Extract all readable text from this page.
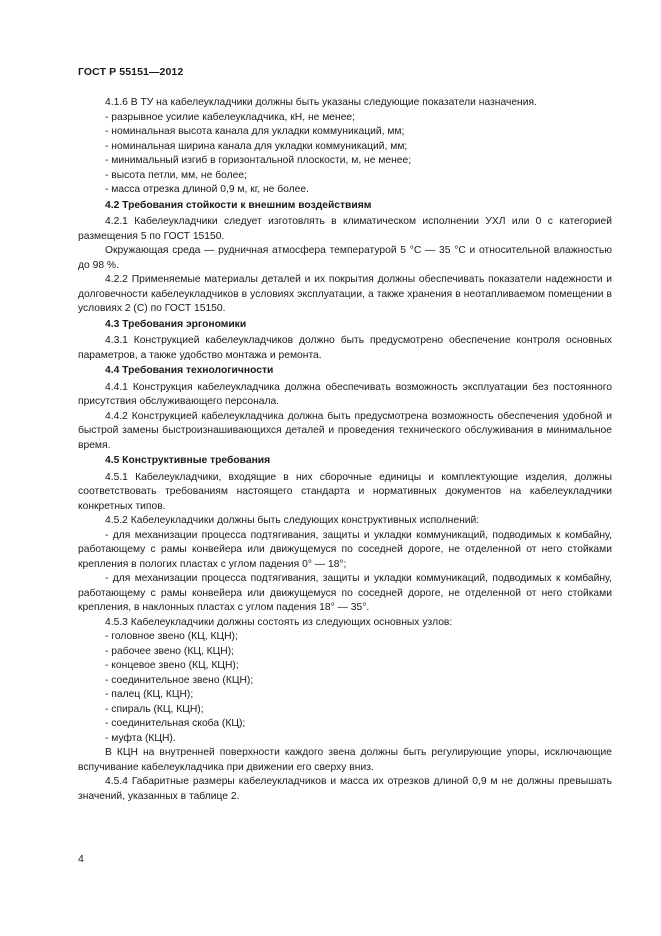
ГОСТ Р 55151—2012

4.1.6 В ТУ на кабелеукладчики должны быть указаны следующие показатели назначения.

- разрывное усилие кабелеукладчика, кН, не менее;

- номинальная высота канала для укладки коммуникаций, мм;

- номинальная ширина канала для укладки коммуникаций, мм;

- минимальный изгиб в горизонтальной плоскости, м, не менее;

- высота петли, мм, не более;

- масса отрезка длиной 0,9 м, кг, не более.

4.2 Требования стойкости к внешним воздействиям

4.2.1 Кабелеукладчики следует изготовлять в климатическом исполнении УХЛ или 0 с категорией размещения 5 по ГОСТ 15150.

Окружающая среда — рудничная атмосфера температурой 5 °С — 35 °С и относительной влажностью до 98 %.

4.2.2 Применяемые материалы деталей и их покрытия должны обеспечивать показатели надежности и долговечности кабелеукладчиков в условиях эксплуатации, а также хранения в неотапливаемом помещении в условиях 2 (С) по ГОСТ 15150.

4.3 Требования эргономики

4.3.1 Конструкцией кабелеукладчиков должно быть предусмотрено обеспечение контроля основных параметров, а также удобство монтажа и ремонта.

4.4 Требования технологичности

4.4.1 Конструкция кабелеукладчика должна обеспечивать возможность эксплуатации без постоянного присутствия обслуживающего персонала.

4.4.2 Конструкцией кабелеукладчика должна быть предусмотрена возможность обеспечения удобной и быстрой замены быстроизнашивающихся деталей и проведения технического обслуживания в минимальное время.

4.5 Конструктивные требования

4.5.1 Кабелеукладчики, входящие в них сборочные единицы и комплектующие изделия, должны соответствовать требованиям настоящего стандарта и нормативных документов на кабелеукладчики конкретных типов.

4.5.2 Кабелеукладчики должны быть следующих конструктивных исполнений:

- для механизации процесса подтягивания, защиты и укладки коммуникаций, подводимых к комбайну, работающему с рамы конвейера или движущемуся по соседней дороге, не отделенной от него стойками крепления в пологих пластах с углом падения 0° — 18°;

- для механизации процесса подтягивания, защиты и укладки коммуникаций, подводимых к комбайну, работающему с рамы конвейера или движущемуся по соседней дороге, не отделенной от него стойками крепления, в наклонных пластах с углом падения 18° — 35°.

4.5.3 Кабелеукладчики должны состоять из следующих основных узлов:

- головное звено (КЦ, КЦН);

- рабочее звено (КЦ, КЦН);

- концевое звено (КЦ, КЦН);

- соединительное звено (КЦН);

- палец (КЦ, КЦН);

- спираль (КЦ, КЦН);

- соединительная скоба (КЦ);

- муфта (КЦН).

В КЦН на внутренней поверхности каждого звена должны быть регулирующие упоры, исключающие вспучивание кабелеукладчика при движении его сверху вниз.

4.5.4 Габаритные размеры кабелеукладчиков и масса их отрезков длиной 0,9 м не должны превышать значений, указанных в таблице 2.

4
